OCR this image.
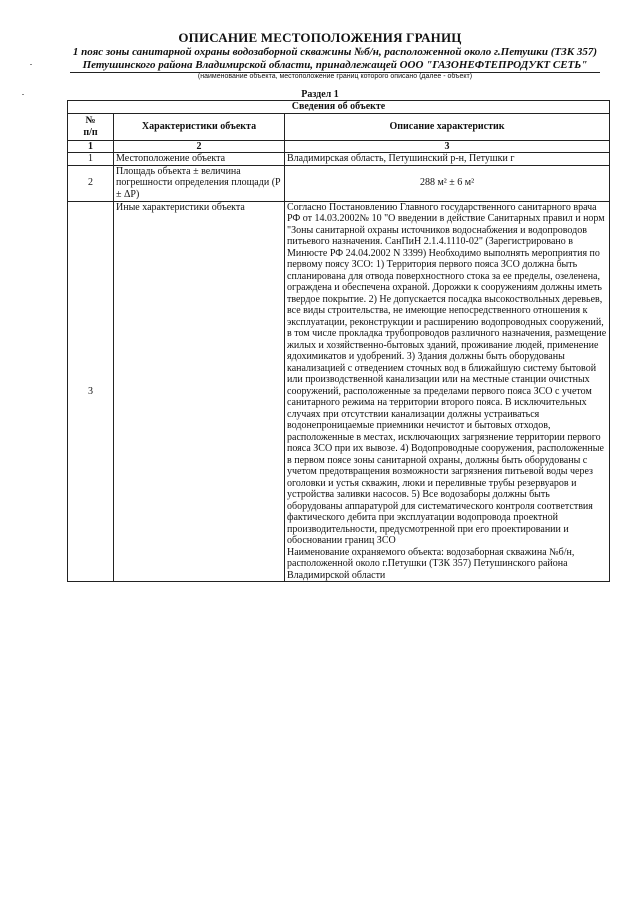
ОПИСАНИЕ МЕСТОПОЛОЖЕНИЯ ГРАНИЦ
1 пояс зоны санитарной охраны водозаборной скважины №б/н, расположенной около г.Петушки (ТЗК 357)
Петушинского района Владимирской области, принадлежащей ООО "ГАЗОНЕФТЕПРОДУКТ СЕТЬ"
(наименование объекта, местоположение границ которого описано (далее - объект)
Раздел 1
Сведения об объекте		
№
п/п	Характеристики объекта	Описание характеристик
1	2	3
1	Местоположение объекта	Владимирская область, Петушинский р-н, Петушки г
2	Площадь объекта ± величина погрешности определения площади (P ± ΔP)	288 м² ± 6 м²
3	Иные характеристики объекта	Согласно Постановлению Главного государственного санитарного врача РФ от 14.03.2002№ 10 "О введении в действие Санитарных правил и норм "Зоны санитарной охраны источников водоснабжения и водопроводов питьевого назначения. СанПиН 2.1.4.1110-02" (Зарегистрировано в Минюсте РФ 24.04.2002 N 3399) Необходимо выполнять мероприятия по первому поясу ЗСО: 1) Территория первого пояса ЗСО должна быть спланирована для отвода поверхностного стока за ее пределы, озеленена, ограждена и обеспечена охраной. Дорожки к сооружениям должны иметь твердое покрытие. 2) Не допускается посадка высокоствольных деревьев, все виды строительства, не имеющие непосредственного отношения к эксплуатации, реконструкции и расширению водопроводных сооружений, в том числе прокладка трубопроводов различного назначения, размещение жилых и хозяйственно-бытовых зданий, проживание людей, применение ядохимикатов и удобрений. 3) Здания должны быть оборудованы канализацией с отведением сточных вод в ближайшую систему бытовой или производственной канализации или на местные станции очистных сооружений, расположенные за пределами первого пояса ЗСО с учетом санитарного режима на территории второго пояса. В исключительных случаях при отсутствии канализации должны устраиваться водонепроницаемые приемники нечистот и бытовых отходов, расположенные в местах, исключающих загрязнение территории первого пояса ЗСО при их вывозе. 4) Водопроводные сооружения, расположенные в первом поясе зоны санитарной охраны, должны быть оборудованы с учетом предотвращения возможности загрязнения питьевой воды через оголовки и устья скважин, люки и переливные трубы резервуаров и устройства заливки насосов. 5) Все водозаборы должны быть оборудованы аппаратурой для систематического контроля соответствия фактического дебита при эксплуатации водопровода проектной производительности, предусмотренной при его проектировании и обосновании границ ЗСО
Наименование охраняемого объекта: водозаборная скважина №б/н, расположенной около г.Петушки (ТЗК 357) Петушинского района Владимирской области
